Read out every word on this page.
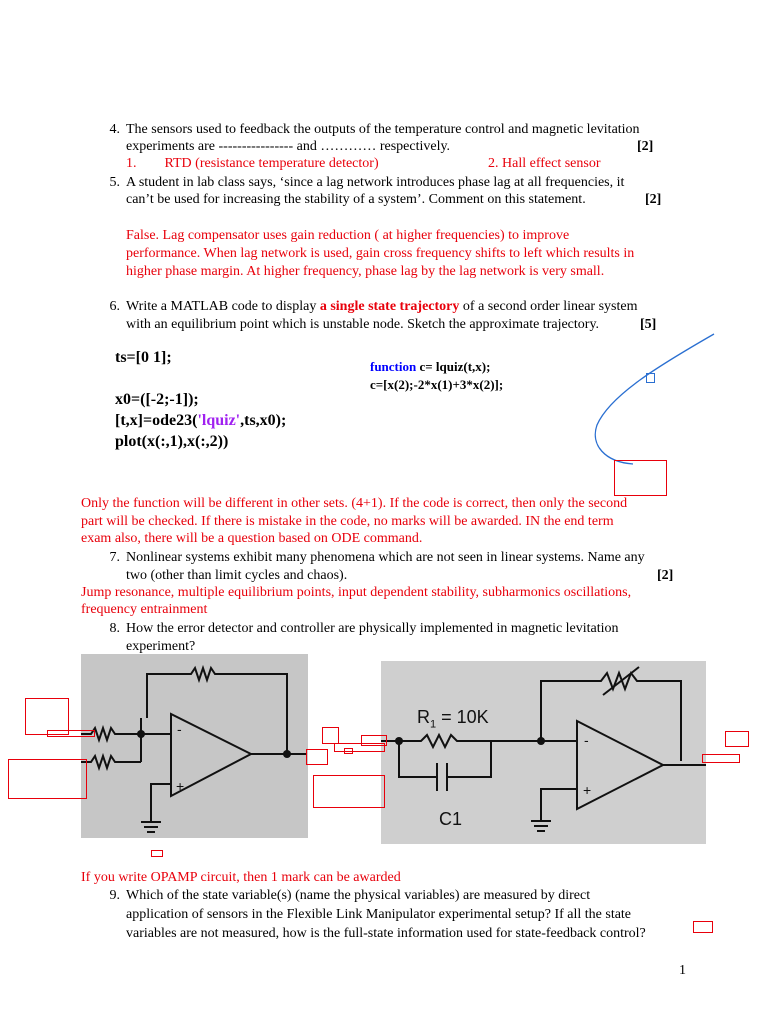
4. The sensors used to feedback the outputs of the temperature control and magnetic levitation
experiments are ---------------- and ………… respectively.	[2]
1.        RTD (resistance temperature detector)	2. Hall effect sensor
5. A student in lab class says, ‘since a lag network introduces phase lag at all frequencies, it
can’t be used for increasing the stability of a system’. Comment on this statement.	[2]
False. Lag compensator uses gain reduction ( at higher frequencies) to improve
performance. When lag network is used, gain cross frequency shifts to left which results in
higher phase margin. At higher frequency, phase lag by the lag network is very small.
6. Write a MATLAB code to display a single state trajectory of a second order linear system
with an equilibrium point which is unstable node. Sketch the approximate trajectory.	[5]
ts=[0 1];
x0=([-2;-1]);
[t,x]=ode23('lquiz',ts,x0);
plot(x(:,1),x(:,2))
function c= lquiz(t,x);
c=[x(2);-2*x(1)+3*x(2)];
Only the function will be different in other sets. (4+1). If the code is correct, then only the second
part will be checked. If there is mistake in the code, no marks will be awarded. IN the end term
exam also, there will be a question based on ODE command.
7. Nonlinear systems exhibit many phenomena which are not seen in linear systems. Name any
two (other than limit cycles and chaos).	[2]
Jump resonance, multiple equilibrium points, input dependent stability, subharmonics oscillations,
frequency entrainment
8. How the error detector and controller are physically implemented in magnetic levitation
experiment?
-
+
-
+
$R_1 = 10K$
C1
If you write OPAMP circuit, then 1 mark can be awarded
9. Which of the state variable(s) (name the physical variables) are measured by direct
application of sensors in the Flexible Link Manipulator experimental setup? If all the state
variables are not measured, how is the full-state information used for state-feedback control?
1
